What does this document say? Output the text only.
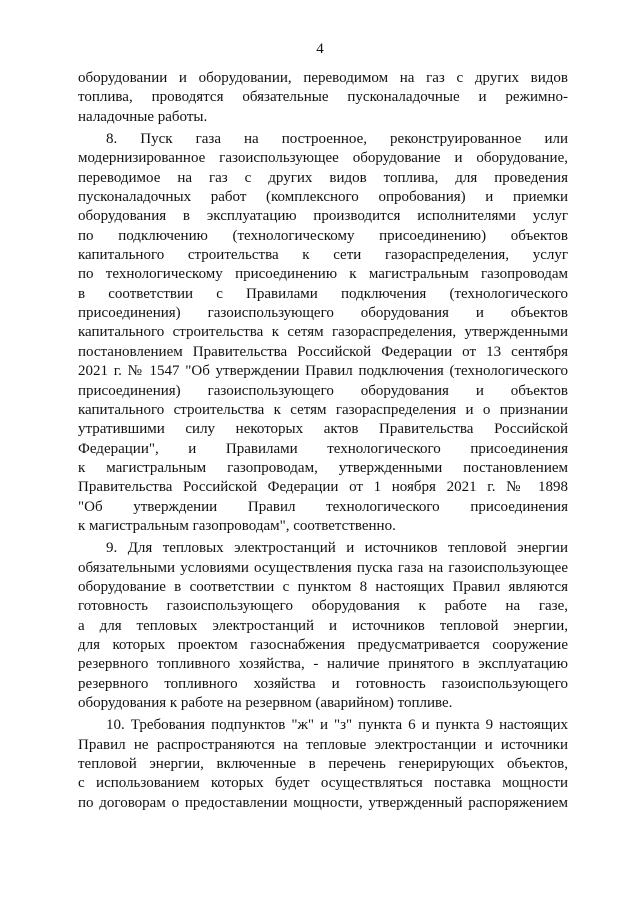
4
оборудовании и оборудовании, переводимом на газ с других видов
топлива, проводятся обязательные пусконаладочные и режимно-
наладочные работы.
8. Пуск газа на построенное, реконструированное или
модернизированное газоиспользующее оборудование и оборудование,
переводимое на газ с других видов топлива, для проведения
пусконаладочных работ (комплексного опробования) и приемки
оборудования в эксплуатацию производится исполнителями услуг
по подключению (технологическому присоединению) объектов
капитального строительства к сети газораспределения, услуг
по технологическому присоединению к магистральным газопроводам
в соответствии с Правилами подключения (технологического
присоединения) газоиспользующего оборудования и объектов
капитального строительства к сетям газораспределения, утвержденными
постановлением Правительства Российской Федерации от 13 сентября
2021 г. № 1547 "Об утверждении Правил подключения (технологического
присоединения) газоиспользующего оборудования и объектов
капитального строительства к сетям газораспределения и о признании
утратившими силу некоторых актов Правительства Российской
Федерации", и Правилами технологического присоединения
к магистральным газопроводам, утвержденными постановлением
Правительства Российской Федерации от 1 ноября 2021 г. № 1898
"Об утверждении Правил технологического присоединения
к магистральным газопроводам", соответственно.
9. Для тепловых электростанций и источников тепловой энергии
обязательными условиями осуществления пуска газа на газоиспользующее
оборудование в соответствии с пунктом 8 настоящих Правил являются
готовность газоиспользующего оборудования к работе на газе,
а для тепловых электростанций и источников тепловой энергии,
для которых проектом газоснабжения предусматривается сооружение
резервного топливного хозяйства, - наличие принятого в эксплуатацию
резервного топливного хозяйства и готовность газоиспользующего
оборудования к работе на резервном (аварийном) топливе.
10. Требования подпунктов "ж" и "з" пункта 6 и пункта 9 настоящих
Правил не распространяются на тепловые электростанции и источники
тепловой энергии, включенные в перечень генерирующих объектов,
с использованием которых будет осуществляться поставка мощности
по договорам о предоставлении мощности, утвержденный распоряжением
